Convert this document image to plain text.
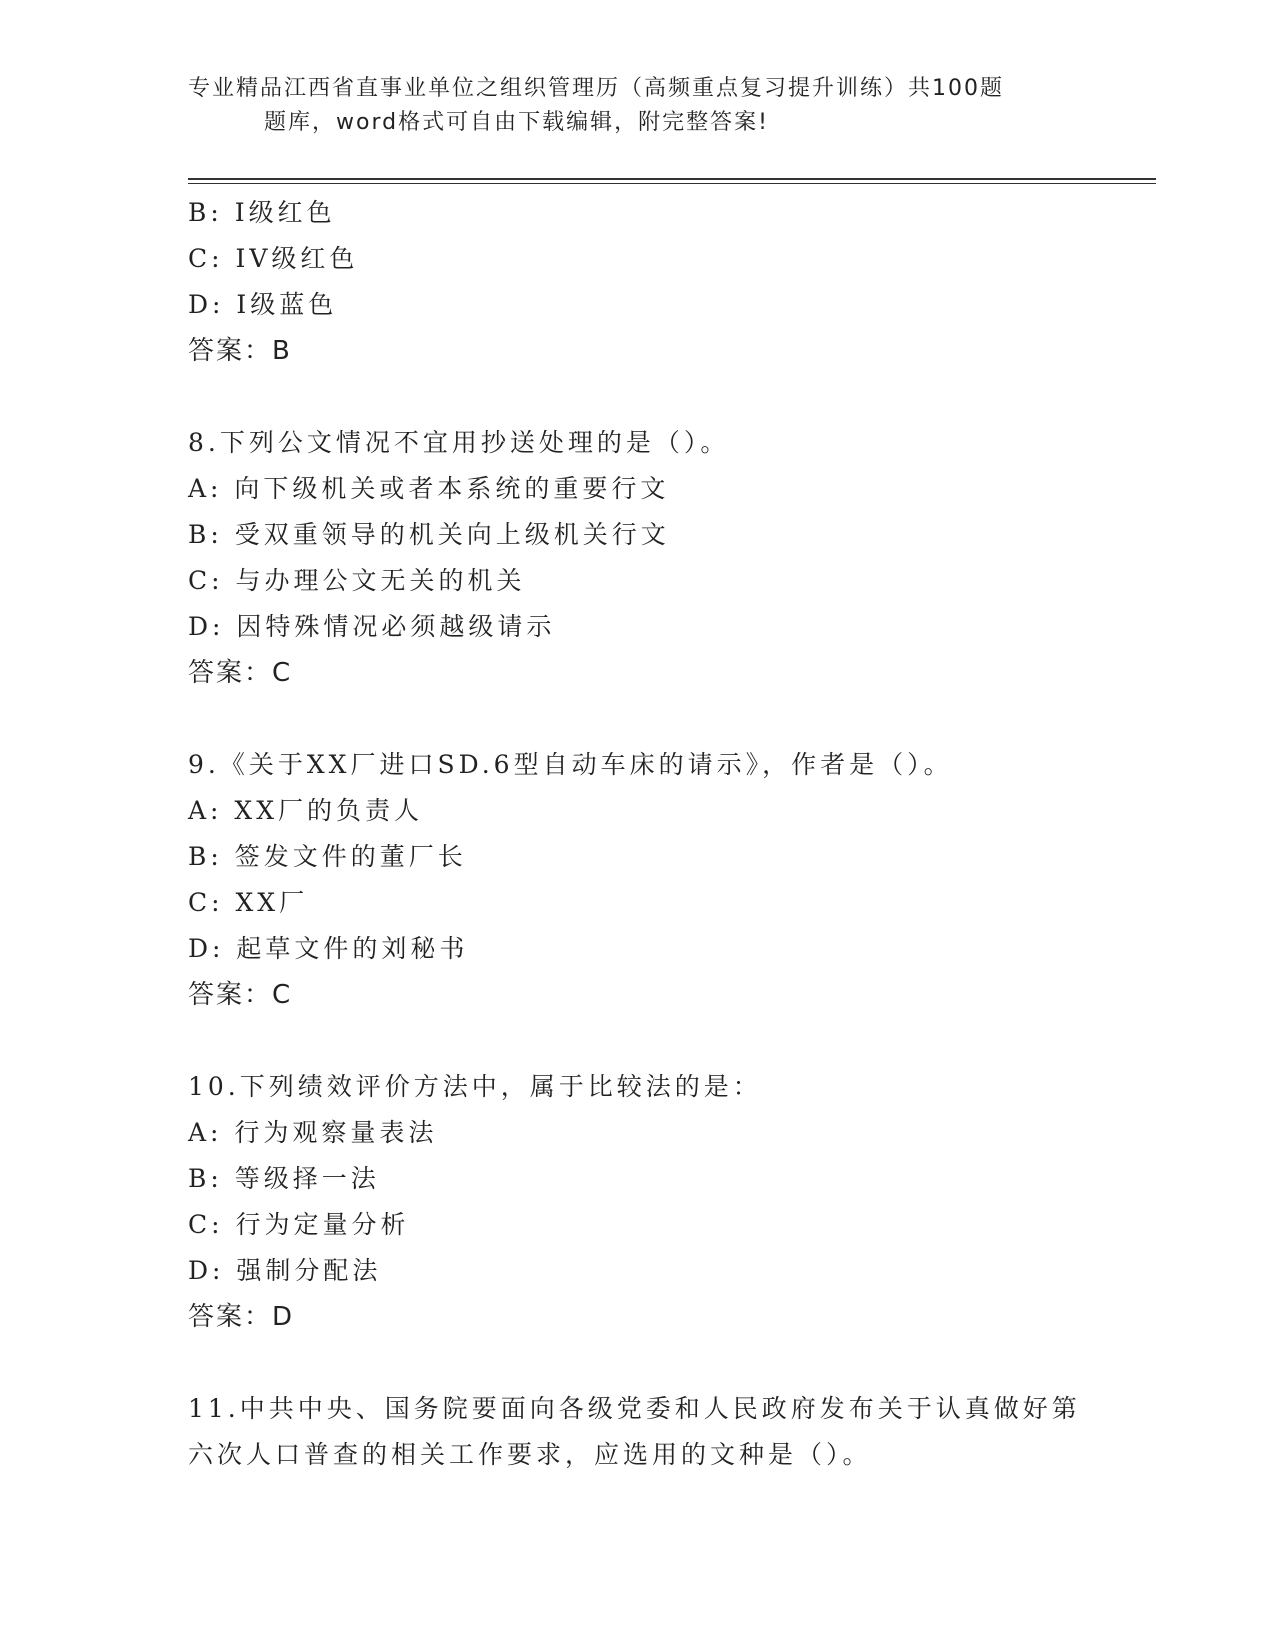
专业精品江西省直事业单位之组织管理历（高频重点复习提升训练）共100题
题库，word格式可自由下载编辑，附完整答案!
B: I级红色
C: IV级红色
D: I级蓝色
答案：B
8.下列公文情况不宜用抄送处理的是（）。
A: 向下级机关或者本系统的重要行文
B: 受双重领导的机关向上级机关行文
C: 与办理公文无关的机关
D: 因特殊情况必须越级请示
答案：C
9.《关于XX厂进口SD.6型自动车床的请示》，作者是（）。
A: XX厂的负责人
B: 签发文件的董厂长
C: XX厂
D: 起草文件的刘秘书
答案：C
10.下列绩效评价方法中，属于比较法的是：
A: 行为观察量表法
B: 等级择一法
C: 行为定量分析
D: 强制分配法
答案：D
11.中共中央、国务院要面向各级党委和人民政府发布关于认真做好第
六次人口普查的相关工作要求，应选用的文种是（）。
